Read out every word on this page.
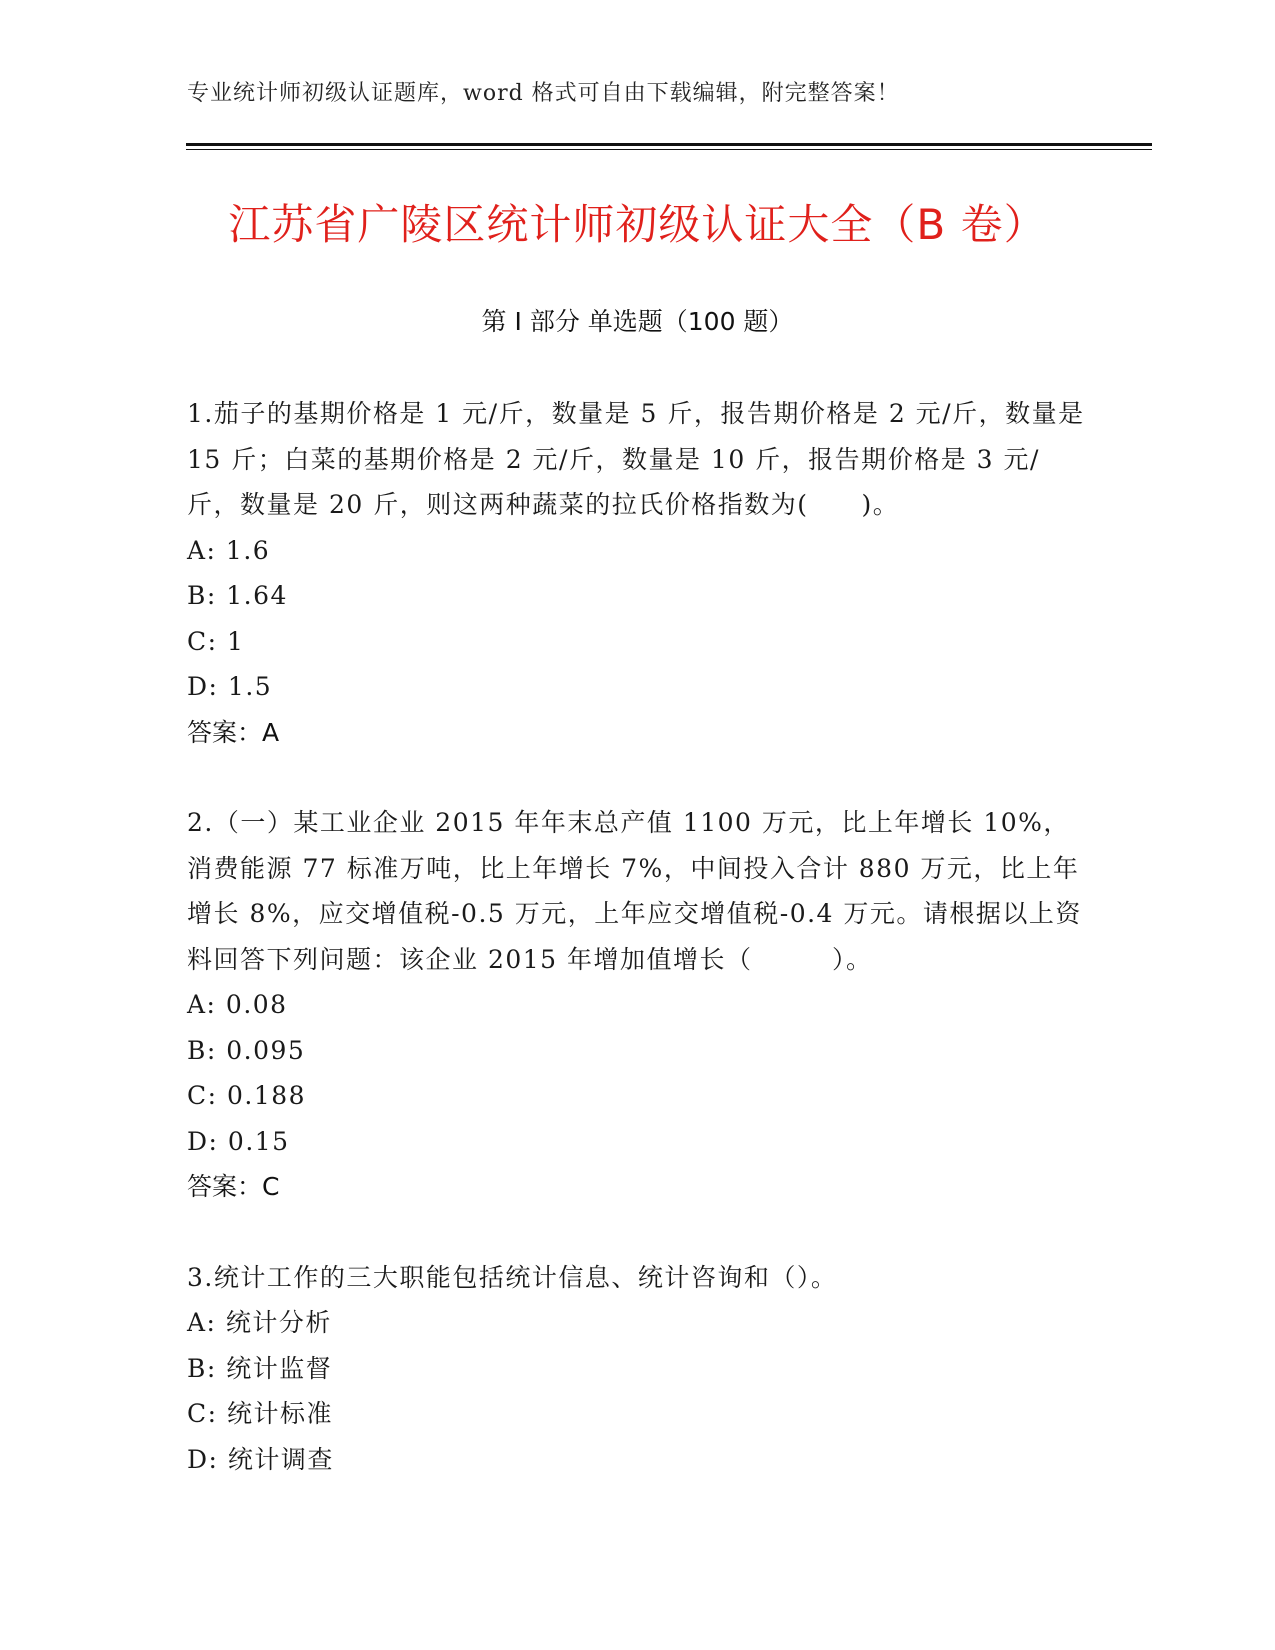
专业统计师初级认证题库，word 格式可自由下载编辑，附完整答案！
江苏省广陵区统计师初级认证大全（B 卷）
第 I 部分 单选题（100 题）

1.茄子的基期价格是 1 元/斤，数量是 5 斤，报告期价格是 2 元/斤，数量是 15 斤；白菜的基期价格是 2 元/斤，数量是 10 斤，报告期价格是 3 元/斤，数量是 20 斤，则这两种蔬菜的拉氏价格指数为(　　)。

A: 1.6
B: 1.64
C: 1
D: 1.5
答案：A

2.（一）某工业企业 2015 年年末总产值 1100 万元，比上年增长 10%，消费能源 77 标准万吨，比上年增长 7%，中间投入合计 880 万元，比上年增长 8%，应交增值税-0.5 万元，上年应交增值税-0.4 万元。请根据以上资料回答下列问题：该企业 2015 年增加值增长（　　　）。

A: 0.08
B: 0.095
C: 0.188
D: 0.15
答案：C

3.统计工作的三大职能包括统计信息、统计咨询和（）。

A: 统计分析
B: 统计监督
C: 统计标准
D: 统计调查
